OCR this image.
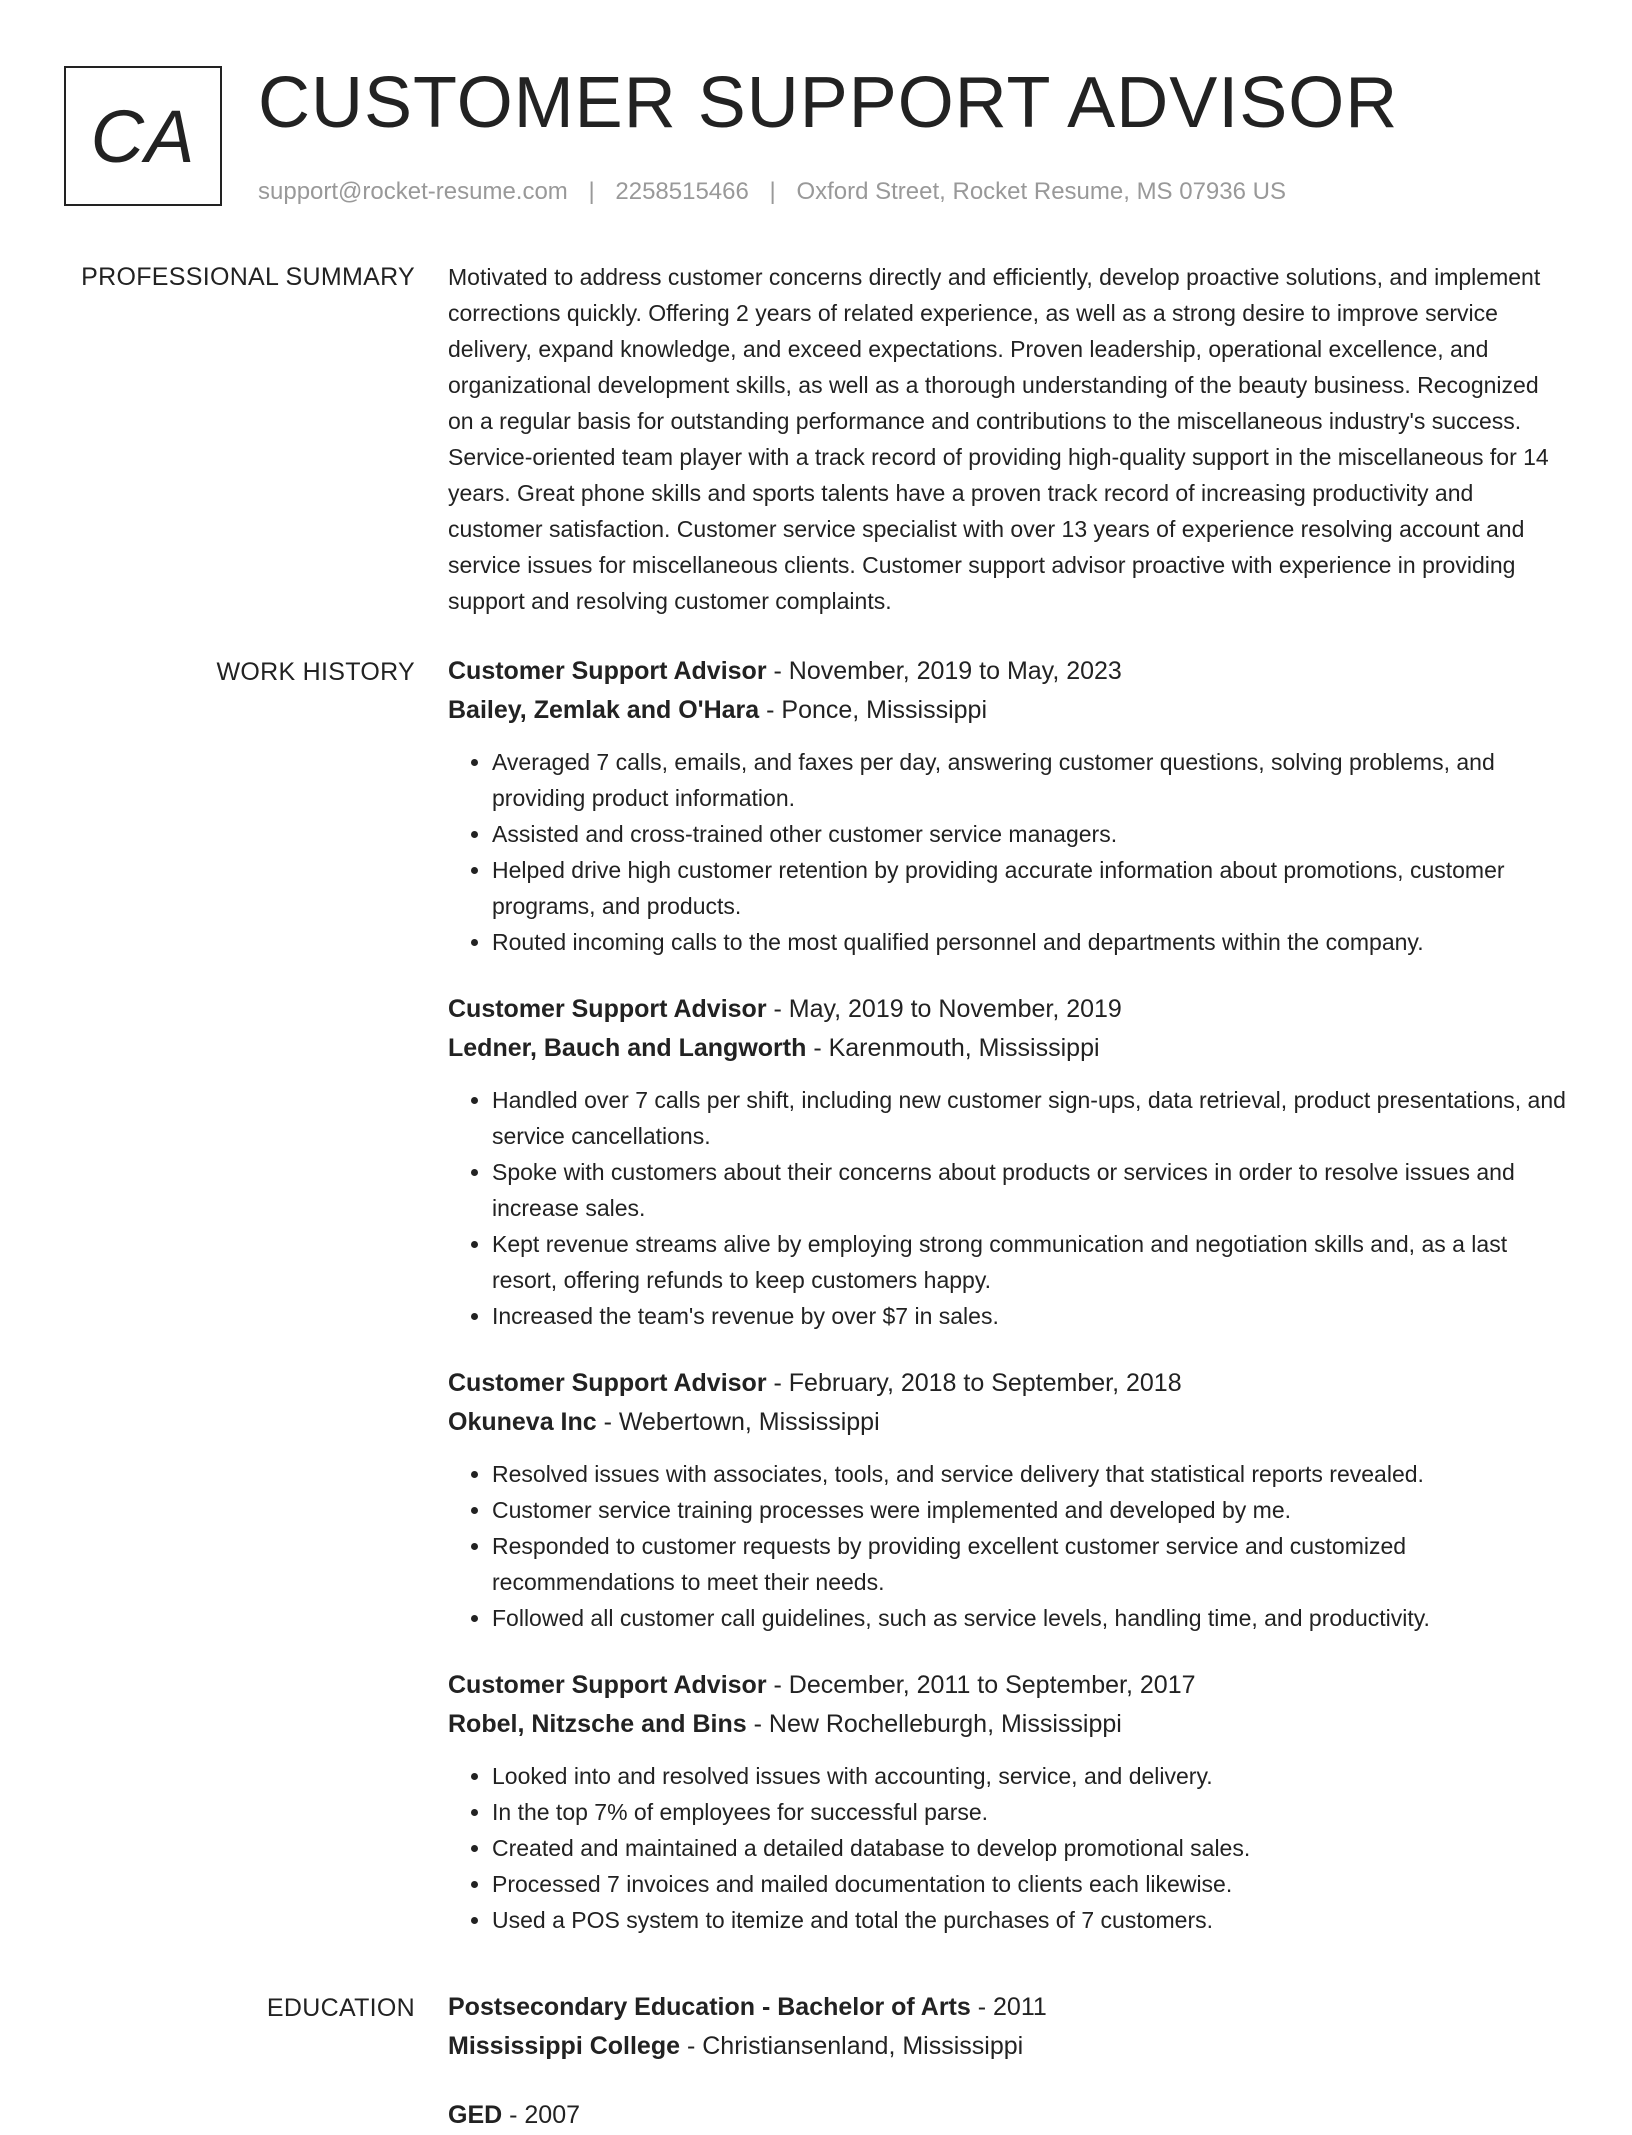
CA CUSTOMER SUPPORT ADVISOR
support@rocket-resume.com | 2258515466 | Oxford Street, Rocket Resume, MS 07936 US
PROFESSIONAL SUMMARY Motivated to address customer concerns directly and efficiently, develop proactive solutions, and implement corrections quickly. Offering 2 years of related experience, as well as a strong desire to improve service delivery, expand knowledge, and exceed expectations. Proven leadership, operational excellence, and organizational development skills, as well as a thorough understanding of the beauty business. Recognized on a regular basis for outstanding performance and contributions to the miscellaneous industry's success. Service-oriented team player with a track record of providing high-quality support in the miscellaneous for 14 years. Great phone skills and sports talents have a proven track record of increasing productivity and customer satisfaction. Customer service specialist with over 13 years of experience resolving account and service issues for miscellaneous clients. Customer support advisor proactive with experience in providing support and resolving customer complaints.

WORK HISTORY Customer Support Advisor - November, 2019 to May, 2023
Bailey, Zemlak and O'Hara - Ponce, Mississippi
• Averaged 7 calls, emails, and faxes per day, answering customer questions, solving problems, and providing product information.
• Assisted and cross-trained other customer service managers.
• Helped drive high customer retention by providing accurate information about promotions, customer programs, and products.
• Routed incoming calls to the most qualified personnel and departments within the company.
Customer Support Advisor - May, 2019 to November, 2019
Ledner, Bauch and Langworth - Karenmouth, Mississippi
• Handled over 7 calls per shift, including new customer sign-ups, data retrieval, product presentations, and service cancellations.
• Spoke with customers about their concerns about products or services in order to resolve issues and increase sales.
• Kept revenue streams alive by employing strong communication and negotiation skills and, as a last resort, offering refunds to keep customers happy.
• Increased the team's revenue by over $7 in sales.
Customer Support Advisor - February, 2018 to September, 2018
Okuneva Inc - Webertown, Mississippi
• Resolved issues with associates, tools, and service delivery that statistical reports revealed.
• Customer service training processes were implemented and developed by me.
• Responded to customer requests by providing excellent customer service and customized recommendations to meet their needs.
• Followed all customer call guidelines, such as service levels, handling time, and productivity.
Customer Support Advisor - December, 2011 to September, 2017
Robel, Nitzsche and Bins - New Rochelleburgh, Mississippi
• Looked into and resolved issues with accounting, service, and delivery.
• In the top 7% of employees for successful parse.
• Created and maintained a detailed database to develop promotional sales.
• Processed 7 invoices and mailed documentation to clients each likewise.
• Used a POS system to itemize and total the purchases of 7 customers.
EDUCATION Postsecondary Education - Bachelor of Arts - 2011
Mississippi College - Christiansenland, Mississippi
GED - 2007
